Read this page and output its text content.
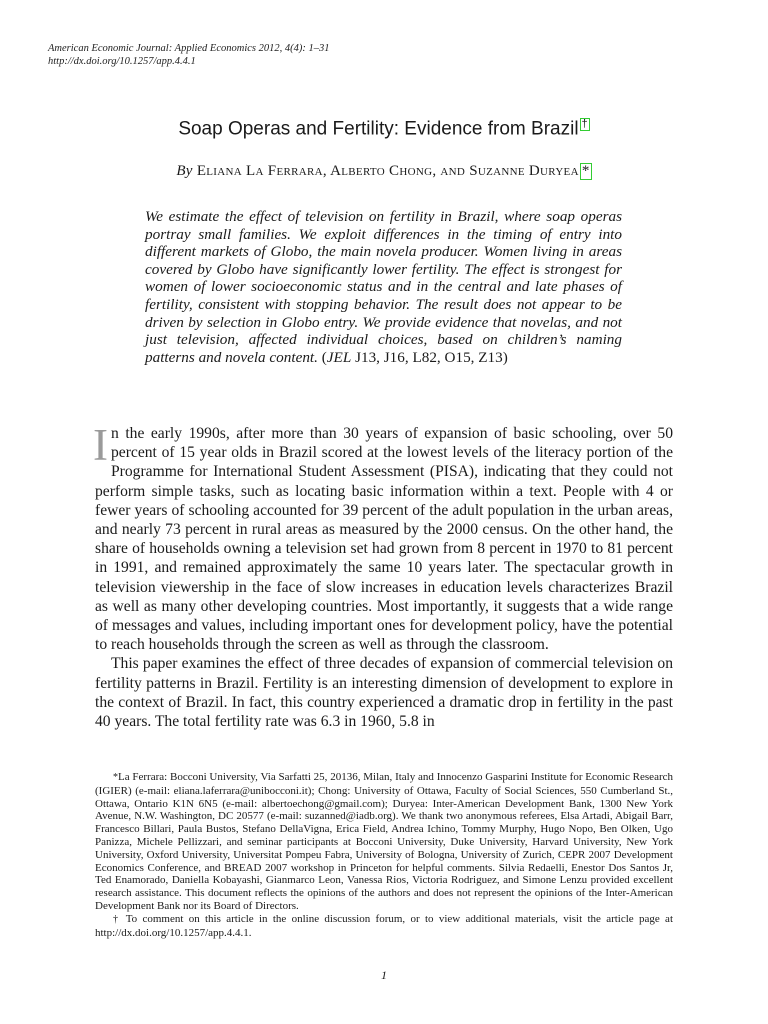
American Economic Journal: Applied Economics 2012, 4(4): 1–31
http://dx.doi.org/10.1257/app.4.4.1
Soap Operas and Fertility: Evidence from Brazil †
By Eliana La Ferrara, Alberto Chong, and Suzanne Duryea *

We estimate the effect of television on fertility in Brazil, where soap operas portray small families. We exploit differences in the timing of entry into different markets of Globo, the main novela producer. Women living in areas covered by Globo have significantly lower fertility. The effect is strongest for women of lower socioeconomic status and in the central and late phases of fertility, consistent with stopping behavior. The result does not appear to be driven by selection in Globo entry. We provide evidence that novelas, and not just television, affected individual choices, based on children’s naming patterns and novela content. (JEL J13, J16, L82, O15, Z13)

In the early 1990s, after more than 30 years of expansion of basic schooling, over 50 percent of 15 year olds in Brazil scored at the lowest levels of the literacy portion of the Programme for International Student Assessment (PISA), indicating that they could not perform simple tasks, such as locating basic information within a text. People with 4 or fewer years of schooling accounted for 39 percent of the adult population in the urban areas, and nearly 73 percent in rural areas as measured by the 2000 census. On the other hand, the share of households owning a television set had grown from 8 percent in 1970 to 81 percent in 1991, and remained approximately the same 10 years later. The spectacular growth in television viewership in the face of slow increases in education levels characterizes Brazil as well as many other developing countries. Most importantly, it suggests that a wide range of messages and values, including important ones for development policy, have the potential to reach households through the screen as well as through the classroom.

This paper examines the effect of three decades of expansion of commercial television on fertility patterns in Brazil. Fertility is an interesting dimension of development to explore in the context of Brazil. In fact, this country experienced a dramatic drop in fertility in the past 40 years. The total fertility rate was 6.3 in 1960, 5.8 in

*La Ferrara: Bocconi University, Via Sarfatti 25, 20136, Milan, Italy and Innocenzo Gasparini Institute for Economic Research (IGIER) (e-mail: eliana.laferrara@unibocconi.it); Chong: University of Ottawa, Faculty of Social Sciences, 550 Cumberland St., Ottawa, Ontario K1N 6N5 (e-mail: albertoechong@gmail.com); Duryea: Inter-American Development Bank, 1300 New York Avenue, N.W. Washington, DC 20577 (e-mail: suzanned@iadb.org). We thank two anonymous referees, Elsa Artadi, Abigail Barr, Francesco Billari, Paula Bustos, Stefano DellaVigna, Erica Field, Andrea Ichino, Tommy Murphy, Hugo Nopo, Ben Olken, Ugo Panizza, Michele Pellizzari, and seminar participants at Bocconi University, Duke University, Harvard University, New York University, Oxford University, Universitat Pompeu Fabra, University of Bologna, University of Zurich, CEPR 2007 Development Economics Conference, and BREAD 2007 workshop in Princeton for helpful comments. Silvia Redaelli, Enestor Dos Santos Jr, Ted Enamorado, Daniella Kobayashi, Gianmarco Leon, Vanessa Rios, Victoria Rodriguez, and Simone Lenzu provided excellent research assistance. This document reflects the opinions of the authors and does not represent the opinions of the Inter-American Development Bank nor its Board of Directors.

† To comment on this article in the online discussion forum, or to view additional materials, visit the article page at http://dx.doi.org/10.1257/app.4.4.1.

1
